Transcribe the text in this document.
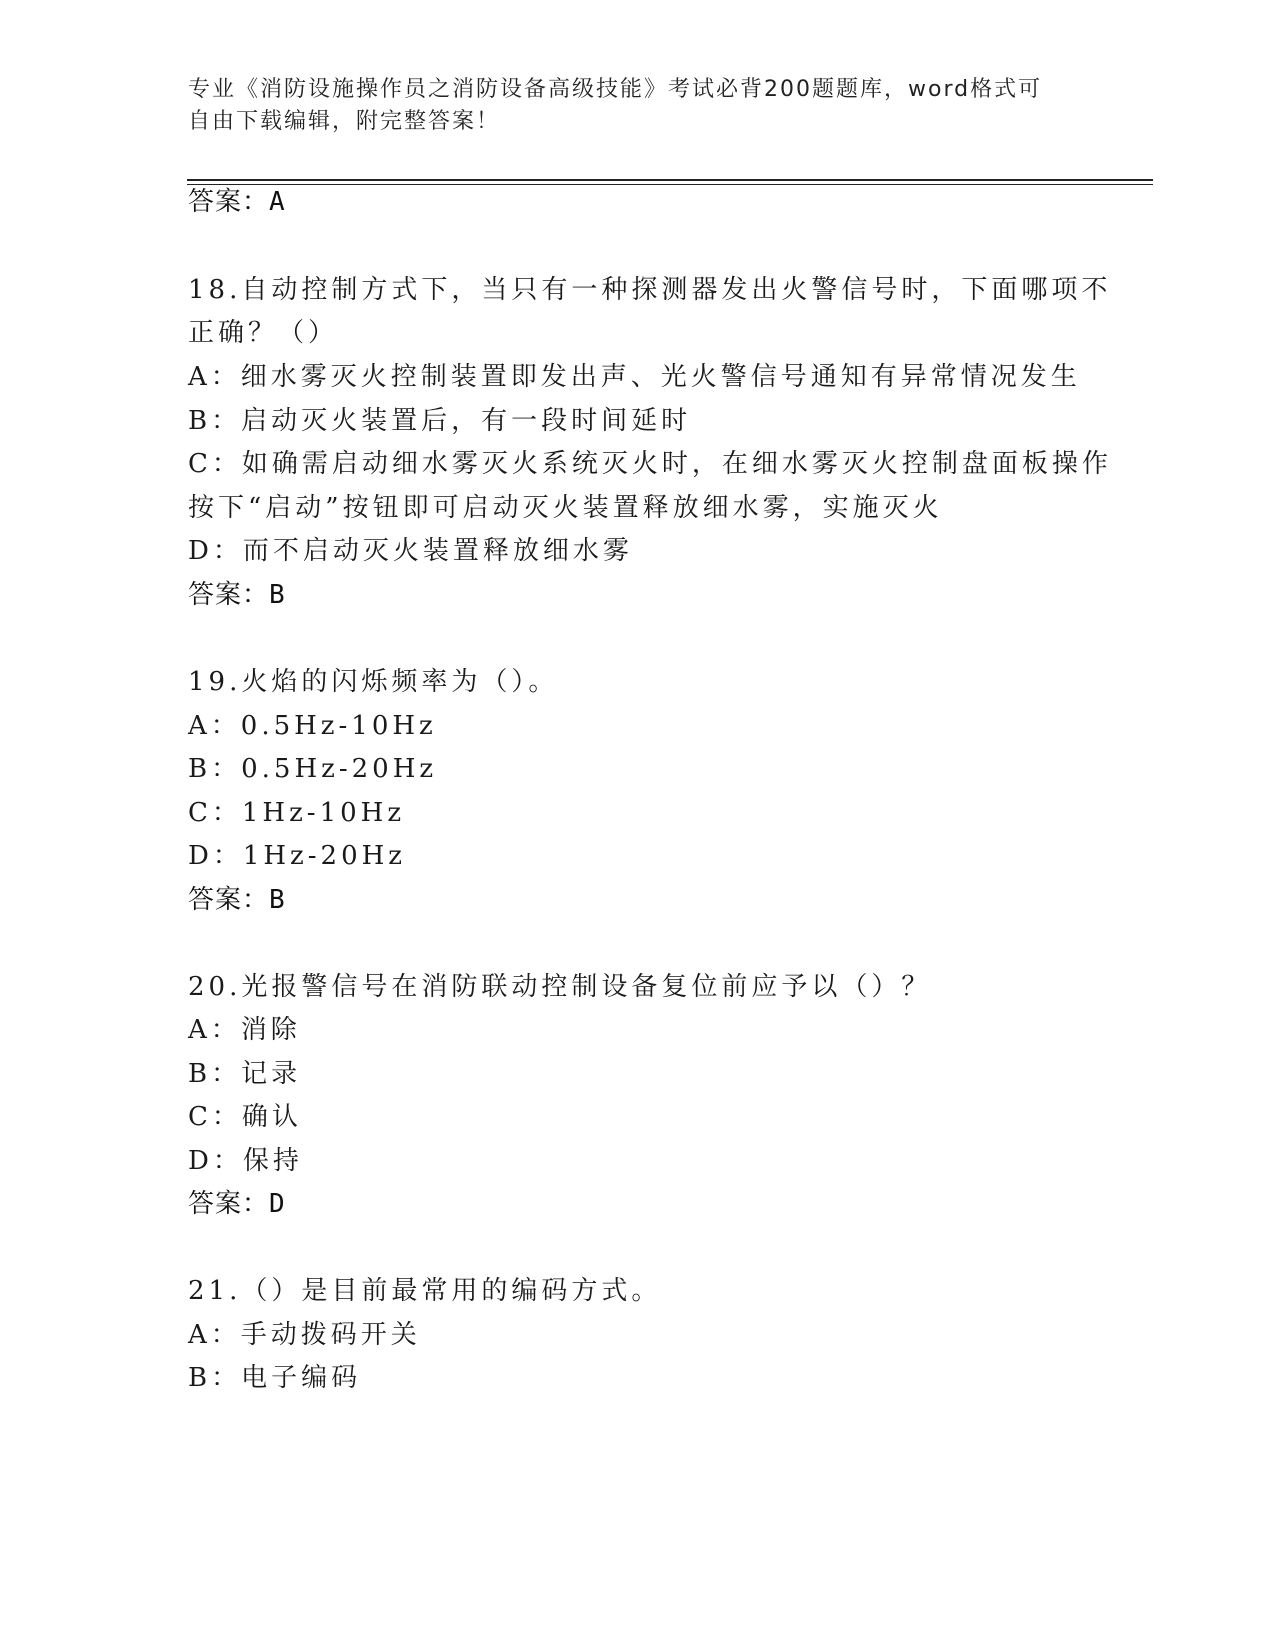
专业《消防设施操作员之消防设备高级技能》考试必背200题题库，word格式可
自由下载编辑，附完整答案！
答案：A
18.自动控制方式下，当只有一种探测器发出火警信号时，下面哪项不
正确？（）
A：细水雾灭火控制装置即发出声、光火警信号通知有异常情况发生
B：启动灭火装置后，有一段时间延时
C：如确需启动细水雾灭火系统灭火时，在细水雾灭火控制盘面板操作
按下“启动”按钮即可启动灭火装置释放细水雾，实施灭火
D：而不启动灭火装置释放细水雾
答案：B
19.火焰的闪烁频率为（）。
A：0.5Hz-10Hz
B：0.5Hz-20Hz
C：1Hz-10Hz
D：1Hz-20Hz
答案：B
20.光报警信号在消防联动控制设备复位前应予以（）？
A：消除
B：记录
C：确认
D：保持
答案：D
21.（）是目前最常用的编码方式。
A：手动拨码开关
B：电子编码
